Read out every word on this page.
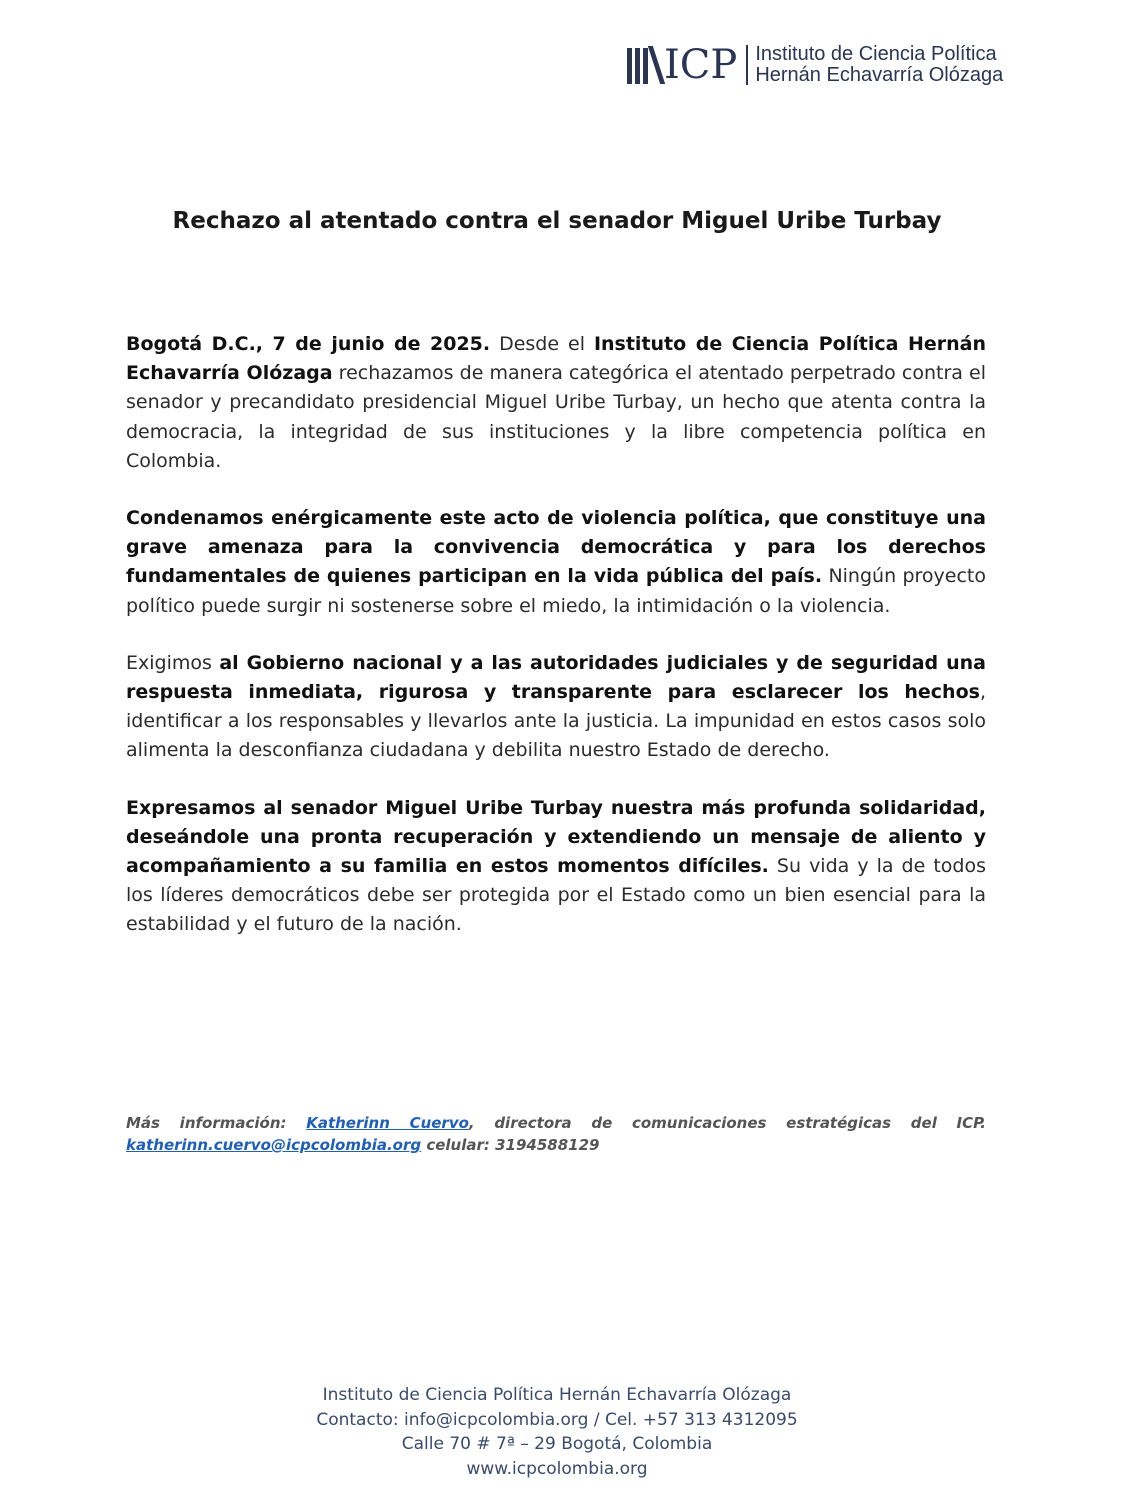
ICP Instituto de Ciencia Política
Hernán Echavarría Olózaga
Rechazo al atentado contra el senador Miguel Uribe Turbay

Bogotá D.C., 7 de junio de 2025. Desde el Instituto de Ciencia Política Hernán Echavarría Olózaga rechazamos de manera categórica el atentado perpetrado contra el senador y precandidato presidencial Miguel Uribe Turbay, un hecho que atenta contra la democracia, la integridad de sus instituciones y la libre competencia política en Colombia.

Condenamos enérgicamente este acto de violencia política, que constituye una grave amenaza para la convivencia democrática y para los derechos fundamentales de quienes participan en la vida pública del país. Ningún proyecto político puede surgir ni sostenerse sobre el miedo, la intimidación o la violencia.

Exigimos al Gobierno nacional y a las autoridades judiciales y de seguridad una respuesta inmediata, rigurosa y transparente para esclarecer los hechos, identificar a los responsables y llevarlos ante la justicia. La impunidad en estos casos solo alimenta la desconfianza ciudadana y debilita nuestro Estado de derecho.

Expresamos al senador Miguel Uribe Turbay nuestra más profunda solidaridad, deseándole una pronta recuperación y extendiendo un mensaje de aliento y acompañamiento a su familia en estos momentos difíciles. Su vida y la de todos los líderes democráticos debe ser protegida por el Estado como un bien esencial para la estabilidad y el futuro de la nación.

Más información: Katherinn Cuervo, directora de comunicaciones estratégicas del ICP. katherinn.cuervo@icpcolombia.org celular: 3194588129
Instituto de Ciencia Política Hernán Echavarría Olózaga
Contacto: info@icpcolombia.org / Cel. +57 313 4312095
Calle 70 # 7ª – 29 Bogotá, Colombia
www.icpcolombia.org
